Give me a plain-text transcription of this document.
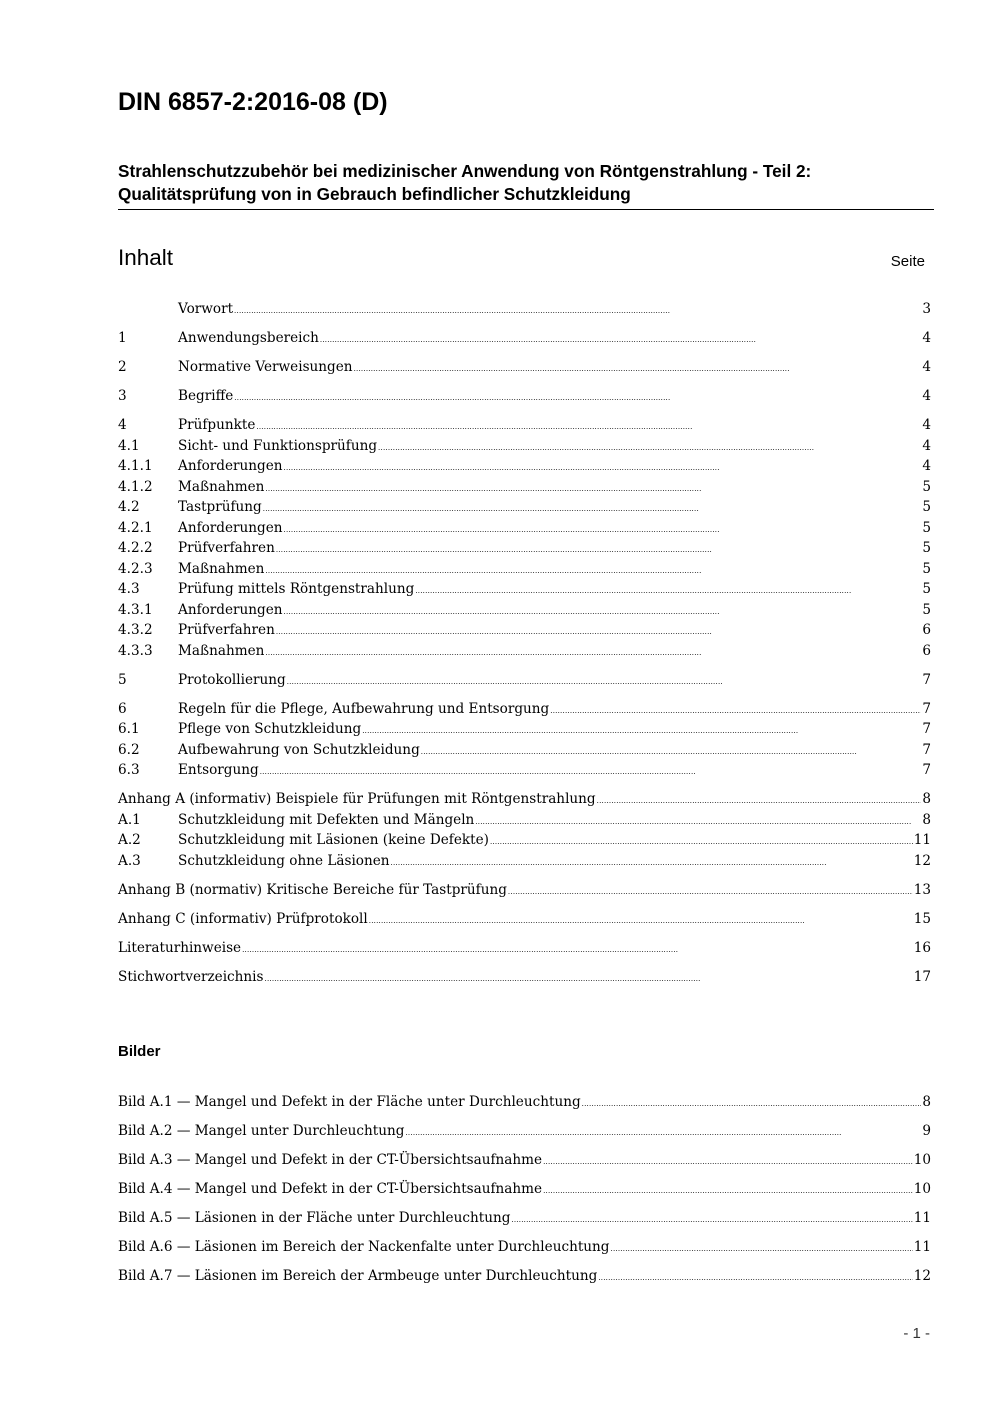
DIN 6857-2:2016-08 (D)
Strahlenschutzzubehör bei medizinischer Anwendung von Röntgenstrahlung - Teil 2:
Qualitätsprüfung von in Gebrauch befindlicher Schutzkleidung
Inhalt	Seite
Vorwort . . .	3
1	Anwendungsbereich . . .	4
2	Normative Verweisungen . . .	4
3	Begriffe . . .	4
4	Prüfpunkte . . .	4
4.1	Sicht- und Funktionsprüfung . . .	4
4.1.1	Anforderungen . . .	4
4.1.2	Maßnahmen . . .	5
4.2	Tastprüfung . . .	5
4.2.1	Anforderungen . . .	5
4.2.2	Prüfverfahren . . .	5
4.2.3	Maßnahmen . . .	5
4.3	Prüfung mittels Röntgenstrahlung . . .	5
4.3.1	Anforderungen . . .	5
4.3.2	Prüfverfahren . . .	6
4.3.3	Maßnahmen . . .	6
5	Protokollierung . . .	7
6	Regeln für die Pflege, Aufbewahrung und Entsorgung . . .	7
6.1	Pflege von Schutzkleidung . . .	7
6.2	Aufbewahrung von Schutzkleidung . . .	7
6.3	Entsorgung . . .	7
Anhang A (informativ) Beispiele für Prüfungen mit Röntgenstrahlung . . .	8
A.1	Schutzkleidung mit Defekten und Mängeln . . .	8
A.2	Schutzkleidung mit Läsionen (keine Defekte) . . .	11
A.3	Schutzkleidung ohne Läsionen . . .	12
Anhang B (normativ) Kritische Bereiche für Tastprüfung . . .	13
Anhang C (informativ) Prüfprotokoll . . .	15
Literaturhinweise . . .	16
Stichwortverzeichnis . . .	17
Bilder
Bild A.1 — Mangel und Defekt in der Fläche unter Durchleuchtung . . .	8
Bild A.2 — Mangel unter Durchleuchtung . . .	9
Bild A.3 — Mangel und Defekt in der CT-Übersichtsaufnahme . . .	10
Bild A.4 — Mangel und Defekt in der CT-Übersichtsaufnahme . . .	10
Bild A.5 — Läsionen in der Fläche unter Durchleuchtung . . .	11
Bild A.6 — Läsionen im Bereich der Nackenfalte unter Durchleuchtung . . .	11
Bild A.7 — Läsionen im Bereich der Armbeuge unter Durchleuchtung . . .	12
- 1 -
